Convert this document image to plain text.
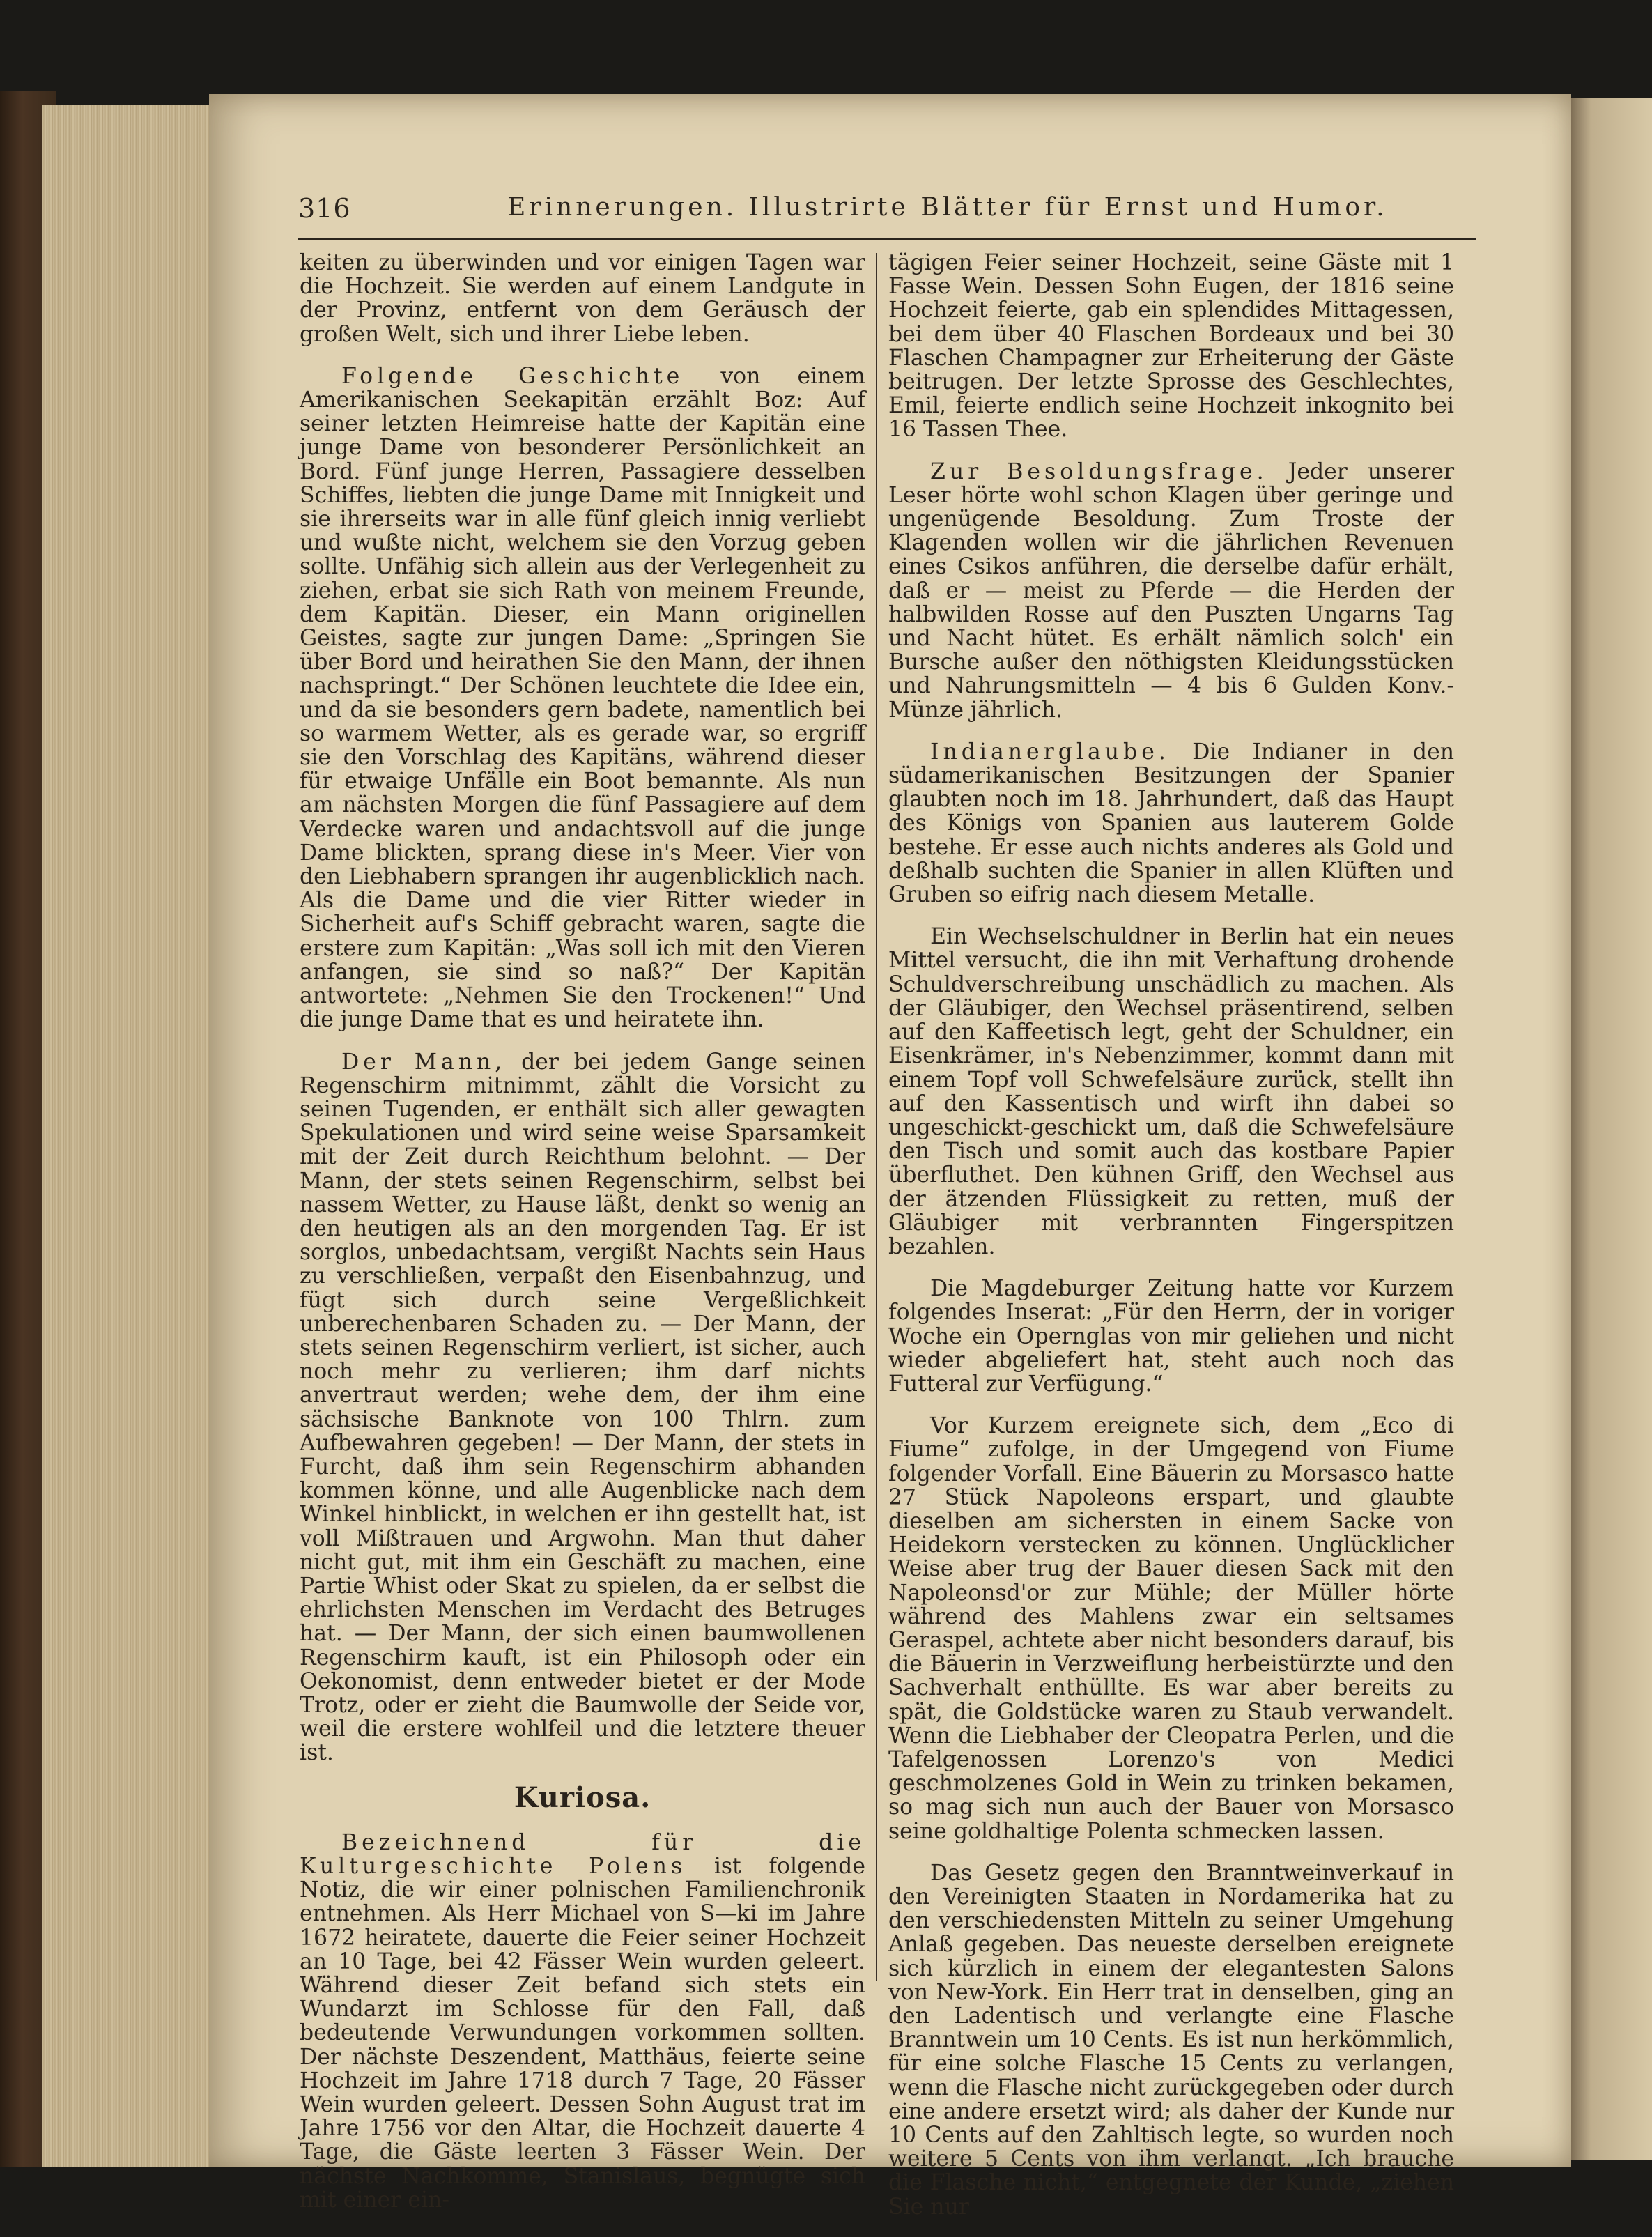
316	Erinnerungen. Illustrirte Blätter für Ernst und Humor.

keiten zu überwinden und vor einigen Tagen war die Hochzeit. Sie werden auf einem Landgute in der Provinz, entfernt von dem Geräusch der großen Welt, sich und ihrer Liebe leben.

Folgende Geschichte von einem Amerikanischen Seekapitän erzählt Boz: Auf seiner letzten Heimreise hatte der Kapitän eine junge Dame von besonderer Persönlichkeit an Bord. Fünf junge Herren, Passagiere desselben Schiffes, liebten die junge Dame mit Innigkeit und sie ihrerseits war in alle fünf gleich innig verliebt und wußte nicht, welchem sie den Vorzug geben sollte. Unfähig sich allein aus der Verlegenheit zu ziehen, erbat sie sich Rath von meinem Freunde, dem Kapitän. Dieser, ein Mann originellen Geistes, sagte zur jungen Dame: „Springen Sie über Bord und heirathen Sie den Mann, der ihnen nachspringt.“ Der Schönen leuchtete die Idee ein, und da sie besonders gern badete, namentlich bei so warmem Wetter, als es gerade war, so ergriff sie den Vorschlag des Kapitäns, während dieser für etwaige Unfälle ein Boot bemannte. Als nun am nächsten Morgen die fünf Passagiere auf dem Verdecke waren und andachtsvoll auf die junge Dame blickten, sprang diese in's Meer. Vier von den Liebhabern sprangen ihr augenblicklich nach. Als die Dame und die vier Ritter wieder in Sicherheit auf's Schiff gebracht waren, sagte die erstere zum Kapitän: „Was soll ich mit den Vieren anfangen, sie sind so naß?“ Der Kapitän antwortete: „Nehmen Sie den Trockenen!“ Und die junge Dame that es und heiratete ihn.

Der Mann, der bei jedem Gange seinen Regenschirm mitnimmt, zählt die Vorsicht zu seinen Tugenden, er enthält sich aller gewagten Spekulationen und wird seine weise Sparsamkeit mit der Zeit durch Reichthum belohnt. — Der Mann, der stets seinen Regenschirm, selbst bei nassem Wetter, zu Hause läßt, denkt so wenig an den heutigen als an den morgenden Tag. Er ist sorglos, unbedachtsam, vergißt Nachts sein Haus zu verschließen, verpaßt den Eisenbahnzug, und fügt sich durch seine Vergeßlichkeit unberechenbaren Schaden zu. — Der Mann, der stets seinen Regenschirm verliert, ist sicher, auch noch mehr zu verlieren; ihm darf nichts anvertraut werden; wehe dem, der ihm eine sächsische Banknote von 100 Thlrn. zum Aufbewahren gegeben! — Der Mann, der stets in Furcht, daß ihm sein Regenschirm abhanden kommen könne, und alle Augenblicke nach dem Winkel hinblickt, in welchen er ihn gestellt hat, ist voll Mißtrauen und Argwohn. Man thut daher nicht gut, mit ihm ein Geschäft zu machen, eine Partie Whist oder Skat zu spielen, da er selbst die ehrlichsten Menschen im Verdacht des Betruges hat. — Der Mann, der sich einen baumwollenen Regenschirm kauft, ist ein Philosoph oder ein Oekonomist, denn entweder bietet er der Mode Trotz, oder er zieht die Baumwolle der Seide vor, weil die erstere wohlfeil und die letztere theuer ist.

Kuriosa.

Bezeichnend für die Kulturgeschichte Polens ist folgende Notiz, die wir einer polnischen Familienchronik entnehmen. Als Herr Michael von S—ki im Jahre 1672 heiratete, dauerte die Feier seiner Hochzeit an 10 Tage, bei 42 Fässer Wein wurden geleert. Während dieser Zeit befand sich stets ein Wundarzt im Schlosse für den Fall, daß bedeutende Verwundungen vorkommen sollten. Der nächste Deszendent, Matthäus, feierte seine Hochzeit im Jahre 1718 durch 7 Tage, 20 Fässer Wein wurden geleert. Dessen Sohn August trat im Jahre 1756 vor den Altar, die Hochzeit dauerte 4 Tage, die Gäste leerten 3 Fässer Wein. Der nächste Nachkomme, Stanislaus, begnügte sich mit einer ein-

tägigen Feier seiner Hochzeit, seine Gäste mit 1 Fasse Wein. Dessen Sohn Eugen, der 1816 seine Hochzeit feierte, gab ein splendides Mittagessen, bei dem über 40 Flaschen Bordeaux und bei 30 Flaschen Champagner zur Erheiterung der Gäste beitrugen. Der letzte Sprosse des Geschlechtes, Emil, feierte endlich seine Hochzeit inkognito bei 16 Tassen Thee.

Zur Besoldungsfrage. Jeder unserer Leser hörte wohl schon Klagen über geringe und ungenügende Besoldung. Zum Troste der Klagenden wollen wir die jährlichen Revenuen eines Csikos anführen, die derselbe dafür erhält, daß er — meist zu Pferde — die Herden der halbwilden Rosse auf den Puszten Ungarns Tag und Nacht hütet. Es erhält nämlich solch' ein Bursche außer den nöthigsten Kleidungsstücken und Nahrungsmitteln — 4 bis 6 Gulden Konv.-Münze jährlich.

Indianerglaube. Die Indianer in den südamerikanischen Besitzungen der Spanier glaubten noch im 18. Jahrhundert, daß das Haupt des Königs von Spanien aus lauterem Golde bestehe. Er esse auch nichts anderes als Gold und deßhalb suchten die Spanier in allen Klüften und Gruben so eifrig nach diesem Metalle.

Ein Wechselschuldner in Berlin hat ein neues Mittel versucht, die ihn mit Verhaftung drohende Schuldverschreibung unschädlich zu machen. Als der Gläubiger, den Wechsel präsentirend, selben auf den Kaffeetisch legt, geht der Schuldner, ein Eisenkrämer, in's Nebenzimmer, kommt dann mit einem Topf voll Schwefelsäure zurück, stellt ihn auf den Kassentisch und wirft ihn dabei so ungeschickt-geschickt um, daß die Schwefelsäure den Tisch und somit auch das kostbare Papier überfluthet. Den kühnen Griff, den Wechsel aus der ätzenden Flüssigkeit zu retten, muß der Gläubiger mit verbrannten Fingerspitzen bezahlen.

Die Magdeburger Zeitung hatte vor Kurzem folgendes Inserat: „Für den Herrn, der in voriger Woche ein Opernglas von mir geliehen und nicht wieder abgeliefert hat, steht auch noch das Futteral zur Verfügung.“

Vor Kurzem ereignete sich, dem „Eco di Fiume“ zufolge, in der Umgegend von Fiume folgender Vorfall. Eine Bäuerin zu Morsasco hatte 27 Stück Napoleons erspart, und glaubte dieselben am sichersten in einem Sacke von Heidekorn verstecken zu können. Unglücklicher Weise aber trug der Bauer diesen Sack mit den Napoleonsd'or zur Mühle; der Müller hörte während des Mahlens zwar ein seltsames Geraspel, achtete aber nicht besonders darauf, bis die Bäuerin in Verzweiflung herbeistürzte und den Sachverhalt enthüllte. Es war aber bereits zu spät, die Goldstücke waren zu Staub verwandelt. Wenn die Liebhaber der Cleopatra Perlen, und die Tafelgenossen Lorenzo's von Medici geschmolzenes Gold in Wein zu trinken bekamen, so mag sich nun auch der Bauer von Morsasco seine goldhaltige Polenta schmecken lassen.

Das Gesetz gegen den Branntweinverkauf in den Vereinigten Staaten in Nordamerika hat zu den verschiedensten Mitteln zu seiner Umgehung Anlaß gegeben. Das neueste derselben ereignete sich kürzlich in einem der elegantesten Salons von New-York. Ein Herr trat in denselben, ging an den Ladentisch und verlangte eine Flasche Branntwein um 10 Cents. Es ist nun herkömmlich, für eine solche Flasche 15 Cents zu verlangen, wenn die Flasche nicht zurückgegeben oder durch eine andere ersetzt wird; als daher der Kunde nur 10 Cents auf den Zahltisch legte, so wurden noch weitere 5 Cents von ihm verlangt. „Ich brauche die Flasche nicht,“ entgegnete der Kunde, „ziehen Sie nur
